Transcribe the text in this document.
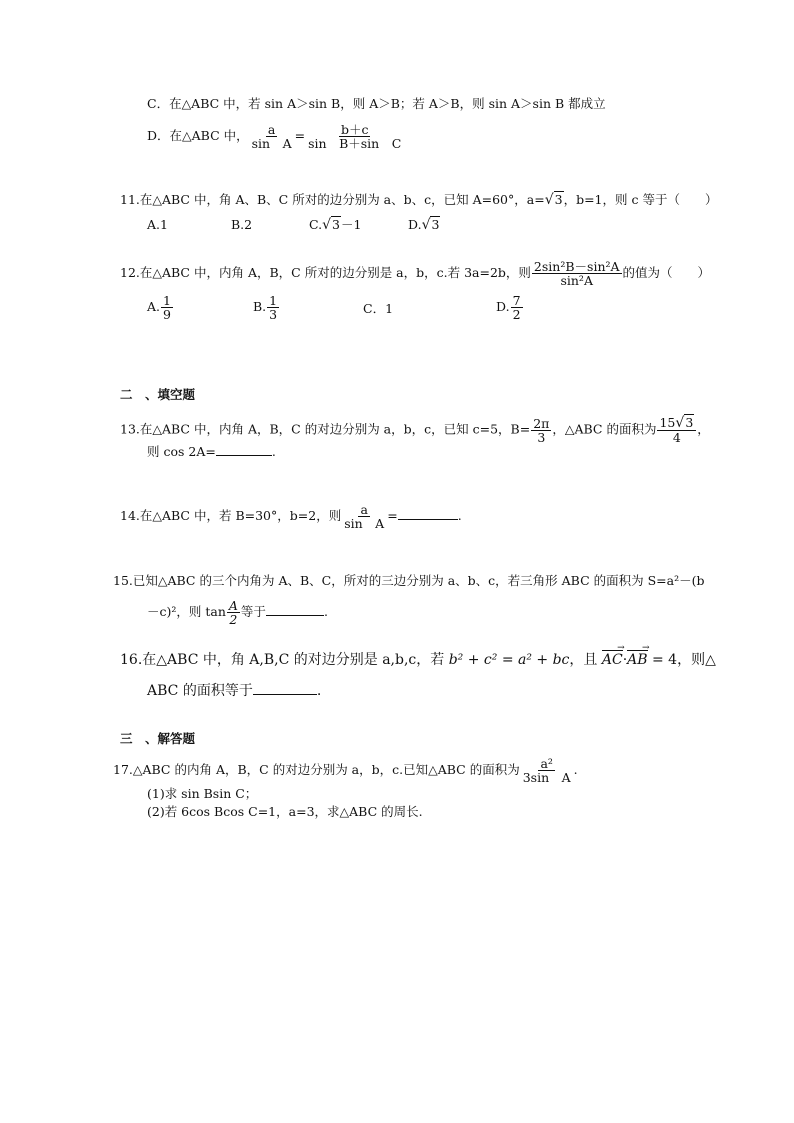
C．在△ABC 中，若 sin A＞sin B，则 A＞B；若 A＞B，则 sin A＞sin B 都成立
D．在△ABC 中， $\frac{a}{\text{sin　A}} = \frac{b+c}{\text{sin　B＋sin　C}}$
11.在△ABC 中，角 A、B、C 所对的边分别为 a、b、c，已知 A=60°，a=√3，b=1，则 c 等于（　　）
A.1	B.2	C.√3－1	D.√3
12.在△ABC 中，内角 A，B，C 所对的边分别是 a，b，c.若 3a=2b，则 $\frac{\text{2sin²B－sin²A}}{\text{sin²A}}$ 的值为（　　）
A. $\frac{1}{9}$	B. $\frac{1}{3}$	C．1	D. $\frac{7}{2}$
二　、填空题
13.在△ABC 中，内角 A，B，C 的对边分别为 a，b，c，已知 c=5，$B= \frac{2\pi}{3}$ ，△ABC 的面积为 $\frac{15√3}{4}$ ，
则 cos 2A=	.
14.在△ABC 中，若 B=30°，b=2，则 $\frac{a}{\text{sin　A}}$ =	.
15.已知△ABC 的三个内角为 A、B、C，所对的三边分别为 a、b、c，若三角形 ABC 的面积为 S=a²－(b
－c)²，则 $\tan \frac{A}{2}$ 等于	.
16.在△ABC 中，角 A,B,C 的对边分别是 a,b,c，若 b² + c² = a² + bc，且 → AC·→ AB = 4，则△
ABC 的面积等于	.
三　、解答题
17.△ABC 的内角 A，B，C 的对边分别为 a，b，c.已知△ABC 的面积为 $\frac{\text{a²}}{\text{3sin　A}}$ .
(1)求 sin Bsin C；
(2)若 6cos Bcos C=1，a=3，求△ABC 的周长.
